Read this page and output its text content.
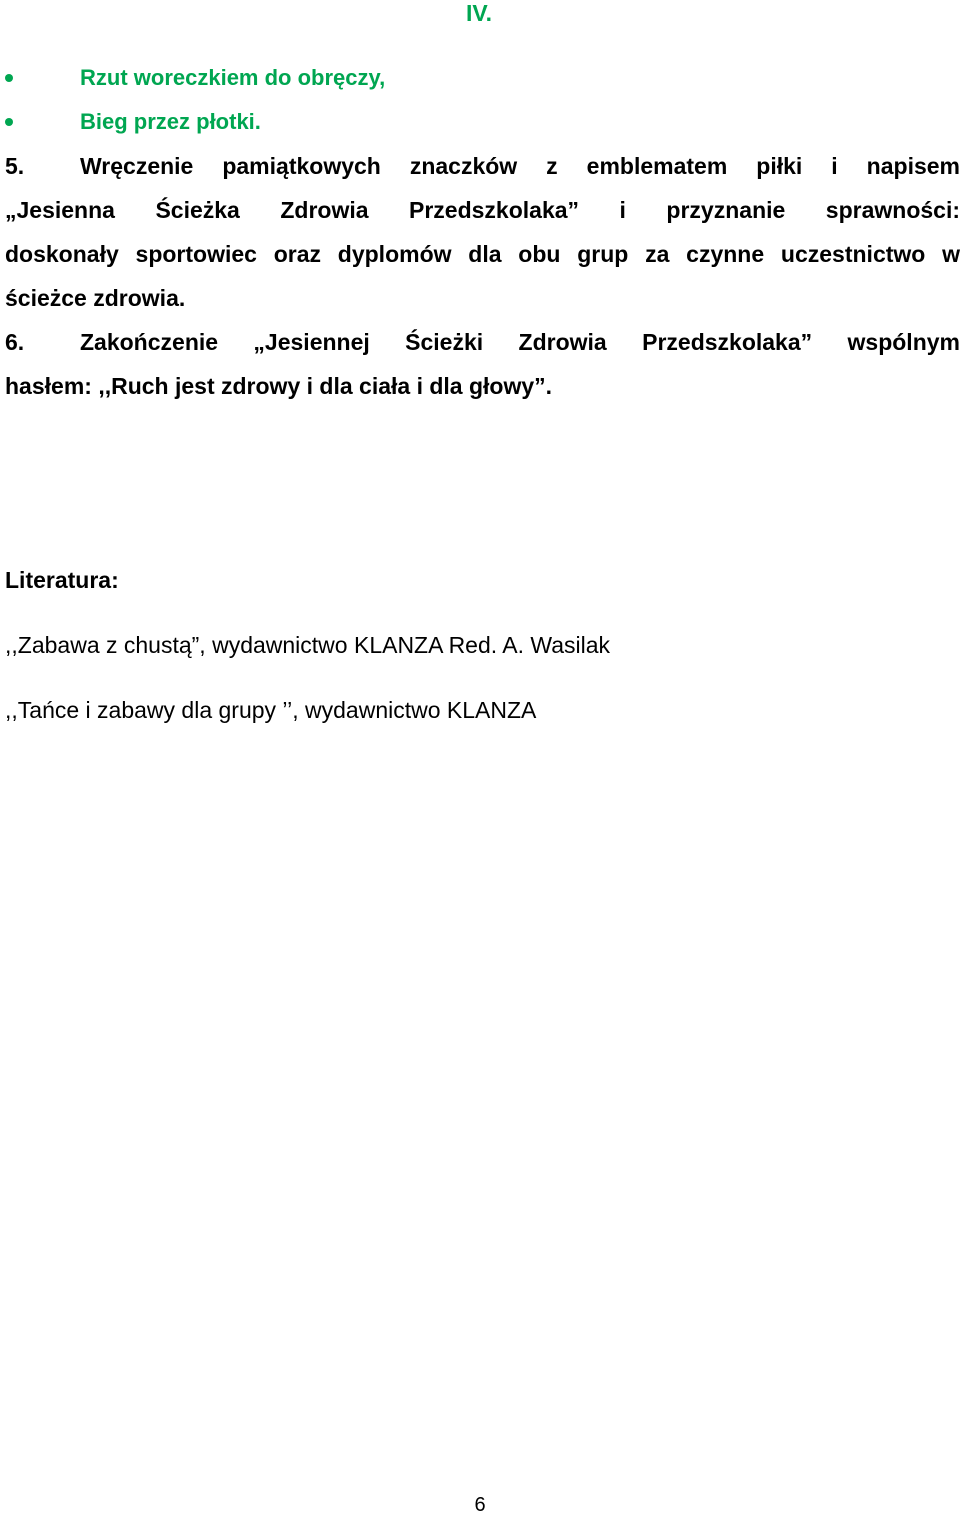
IV.
Rzut woreczkiem do obręczy,
Bieg przez płotki.
5. Wręczenie pamiątkowych znaczków z emblematem piłki i napisem
„Jesienna Ścieżka Zdrowia Przedszkolaka” i przyznanie sprawności:
doskonały sportowiec oraz dyplomów dla obu grup za czynne uczestnictwo w
ścieżce zdrowia.
6. Zakończenie „Jesiennej Ścieżki Zdrowia Przedszkolaka” wspólnym
hasłem: ,,Ruch jest zdrowy i dla ciała i dla głowy”.
Literatura:
,,Zabawa z chustą”, wydawnictwo KLANZA Red. A. Wasilak
,,Tańce i zabawy dla grupy ’’, wydawnictwo KLANZA
6
